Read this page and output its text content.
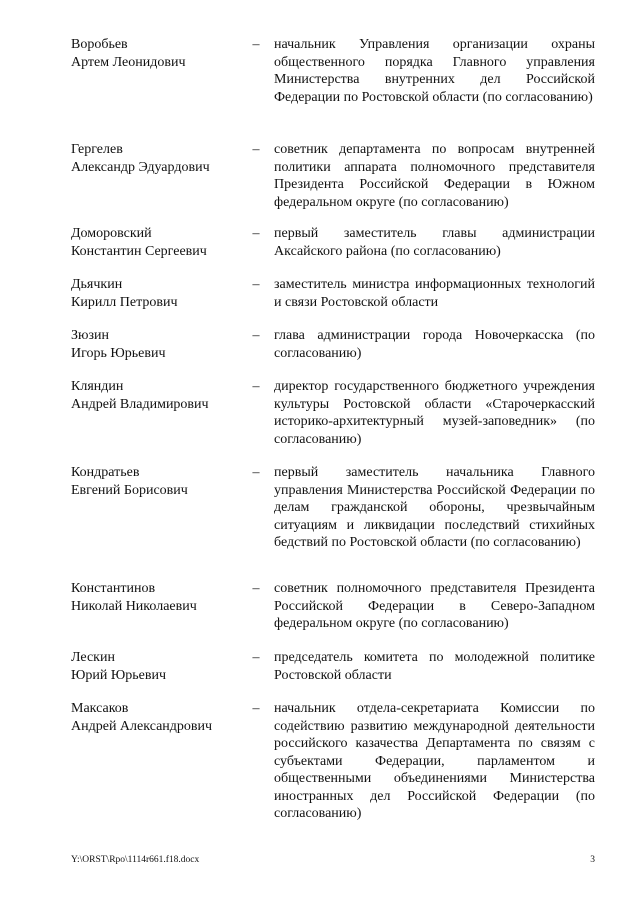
Воробьев
Артем Леонидович
– начальник Управления организации охраны общественного порядка Главного управления Министерства внутренних дел Российской Федерации по Ростовской области (по согласованию)
Гергелев
Александр Эдуардович
– советник департамента по вопросам внутренней политики аппарата полномочного представителя Президента Российской Федерации в Южном федеральном округе (по согласованию)
Доморовский
Константин Сергеевич
– первый заместитель главы администрации Аксайского района (по согласованию)
Дьячкин
Кирилл Петрович
– заместитель министра информационных технологий и связи Ростовской области
Зюзин
Игорь Юрьевич
– глава администрации города Новочеркасска (по согласованию)
Кляндин
Андрей Владимирович
– директор государственного бюджетного учреждения культуры Ростовской области «Старочеркасский историко-архитектурный музей-заповедник» (по согласованию)
Кондратьев
Евгений Борисович
– первый заместитель начальника Главного управления Министерства Российской Федерации по делам гражданской обороны, чрезвычайным ситуациям и ликвидации последствий стихийных бедствий по Ростовской области (по согласованию)
Константинов
Николай Николаевич
– советник полномочного представителя Президента Российской Федерации в Северо-Западном федеральном округе (по согласованию)
Лескин
Юрий Юрьевич
– председатель комитета по молодежной политике Ростовской области
Максаков
Андрей Александрович
– начальник отдела-секретариата Комиссии по содействию развитию международной деятельности российского казачества Департамента по связям с субъектами Федерации, парламентом и общественными объединениями Министерства иностранных дел Российской Федерации (по согласованию)
Y:\ORST\Rpo\1114r661.f18.docx	3
